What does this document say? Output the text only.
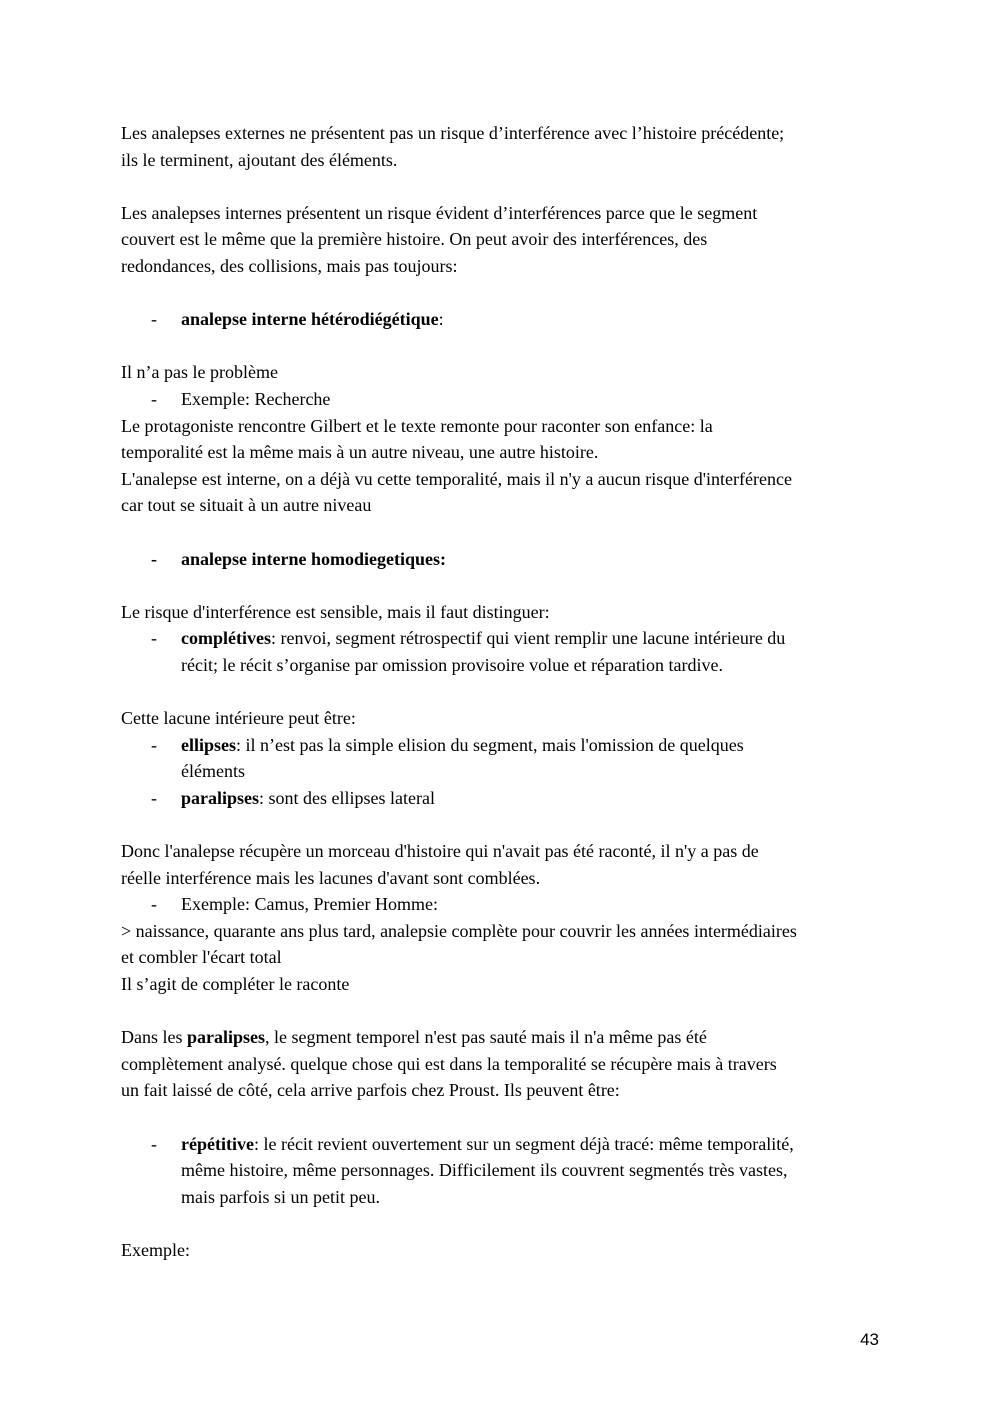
Les analepses externes ne présentent pas un risque d’interférence avec l’histoire précédente;
ils le terminent, ajoutant des éléments.

Les analepses internes présentent un risque évident d’interférences parce que le segment
couvert est le même que la première histoire. On peut avoir des interférences, des
redondances, des collisions, mais pas toujours:

- analepse interne hétérodiégétique:

Il n’a pas le problème

- Exemple: Recherche

Le protagoniste rencontre Gilbert et le texte remonte pour raconter son enfance: la
temporalité est la même mais à un autre niveau, une autre histoire.
L'analepse est interne, on a déjà vu cette temporalité, mais il n'y a aucun risque d'interférence
car tout se situait à un autre niveau

- analepse interne homodiegetiques:

Le risque d'interférence est sensible, mais il faut distinguer:

- complétives: renvoi, segment rétrospectif qui vient remplir une lacune intérieure du
récit; le récit s’organise par omission provisoire volue et réparation tardive.

Cette lacune intérieure peut être:

- ellipses: il n’est pas la simple elision du segment, mais l'omission de quelques
éléments

- paralipses: sont des ellipses lateral

Donc l'analepse récupère un morceau d'histoire qui n'avait pas été raconté, il n'y a pas de
réelle interférence mais les lacunes d'avant sont comblées.

- Exemple: Camus, Premier Homme:

> naissance, quarante ans plus tard, analepsie complète pour couvrir les années intermédiaires
et combler l'écart total
Il s’agit de compléter le raconte

Dans les paralipses, le segment temporel n'est pas sauté mais il n'a même pas été
complètement analysé. quelque chose qui est dans la temporalité se récupère mais à travers
un fait laissé de côté, cela arrive parfois chez Proust. Ils peuvent être:

- répétitive: le récit revient ouvertement sur un segment déjà tracé: même temporalité,
même histoire, même personnages. Difficilement ils couvrent segmentés très vastes,
mais parfois si un petit peu.

Exemple:

43
